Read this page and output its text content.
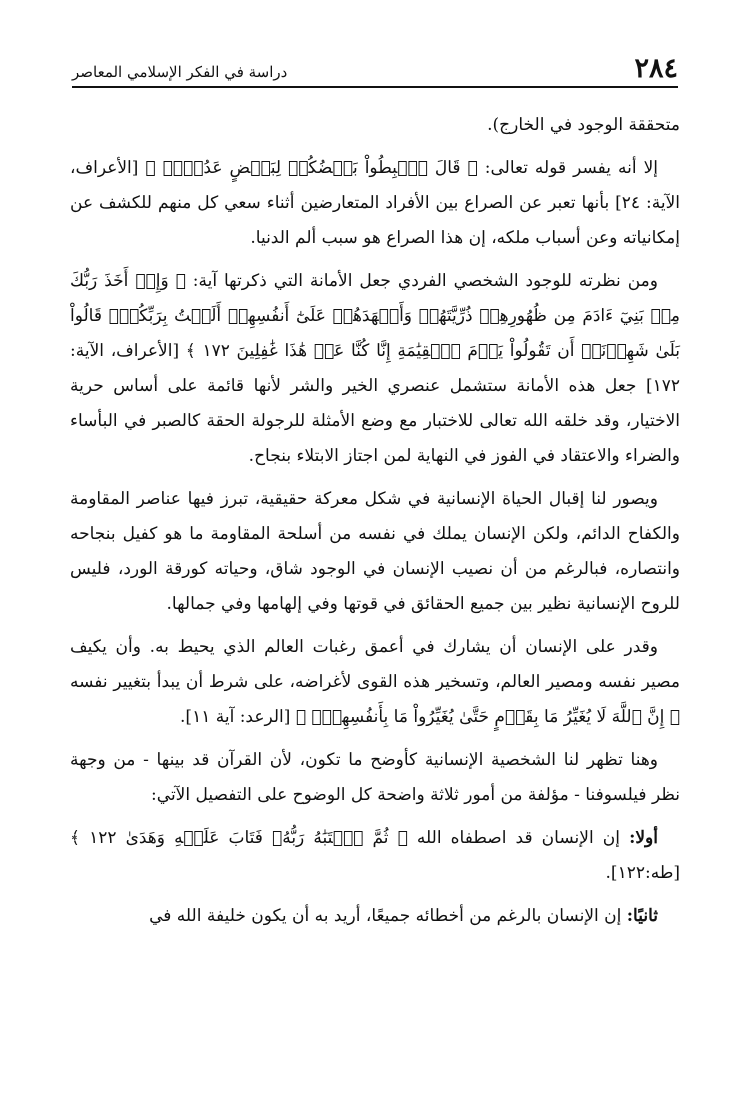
دراسة في الفكر الإسلامي المعاصر	٢٨٤

متحققة الوجود في الخارج).

إلا أنه يفسر قوله تعالى: ﴿ قَالَ ٱهۡبِطُواْ بَعۡضُكُمۡ لِبَعۡضٍ عَدُوٌّۖ ﴾ [الأعراف، الآية: ٢٤] بأنها تعبر عن الصراع بين الأفراد المتعارضين أثناء سعي كل منهم للكشف عن إمكانياته وعن أسباب ملكه، إن هذا الصراع هو سبب ألم الدنيا.

ومن نظرته للوجود الشخصي الفردي جعل الأمانة التي ذكرتها آية: ﴿ وَإِذۡ أَخَذَ رَبُّكَ مِنۢ بَنِيٓ ءَادَمَ مِن ظُهُورِهِمۡ ذُرِّيَّتَهُمۡ وَأَشۡهَدَهُمۡ عَلَىٰٓ أَنفُسِهِمۡ أَلَسۡتُ بِرَبِّكُمۡۖ قَالُواْ بَلَىٰ شَهِدۡنَآۚ أَن تَقُولُواْ يَوۡمَ ٱلۡقِيَٰمَةِ إِنَّا كُنَّا عَنۡ هَٰذَا غَٰفِلِينَ ١٧٢ ﴾ [الأعراف، الآية: ١٧٢] جعل هذه الأمانة ستشمل عنصري الخير والشر لأنها قائمة على أساس حرية الاختيار، وقد خلقه الله تعالى للاختبار مع وضع الأمثلة للرجولة الحقة كالصبر في البأساء والضراء والاعتقاد في الفوز في النهاية لمن اجتاز الابتلاء بنجاح.

ويصور لنا إقبال الحياة الإنسانية في شكل معركة حقيقية، تبرز فيها عناصر المقاومة والكفاح الدائم، ولكن الإنسان يملك في نفسه من أسلحة المقاومة ما هو كفيل بنجاحه وانتصاره، فبالرغم من أن نصيب الإنسان في الوجود شاق، وحياته كورقة الورد، فليس للروح الإنسانية نظير بين جميع الحقائق في قوتها وفي إلهامها وفي جمالها.

وقدر على الإنسان أن يشارك في أعمق رغبات العالم الذي يحيط به. وأن يكيف مصير نفسه ومصير العالم، وتسخير هذه القوى لأغراضه، على شرط أن يبدأ بتغيير نفسه ﴿ إِنَّ ٱللَّهَ لَا يُغَيِّرُ مَا بِقَوۡمٍ حَتَّىٰ يُغَيِّرُواْ مَا بِأَنفُسِهِمۡۗ ﴾ [الرعد: آية ١١].

وهنا تظهر لنا الشخصية الإنسانية كأوضح ما تكون، لأن القرآن قد بينها - من وجهة نظر فيلسوفنا - مؤلفة من أمور ثلاثة واضحة كل الوضوح على التفصيل الآتي:

أولا: إن الإنسان قد اصطفاه الله ﴿ ثُمَّ ٱجۡتَبَٰهُ رَبُّهُۥ فَتَابَ عَلَيۡهِ وَهَدَىٰ ١٢٢ ﴾ [طه:١٢٢].

ثانيًا: إن الإنسان بالرغم من أخطائه جميعًا، أريد به أن يكون خليفة الله في
